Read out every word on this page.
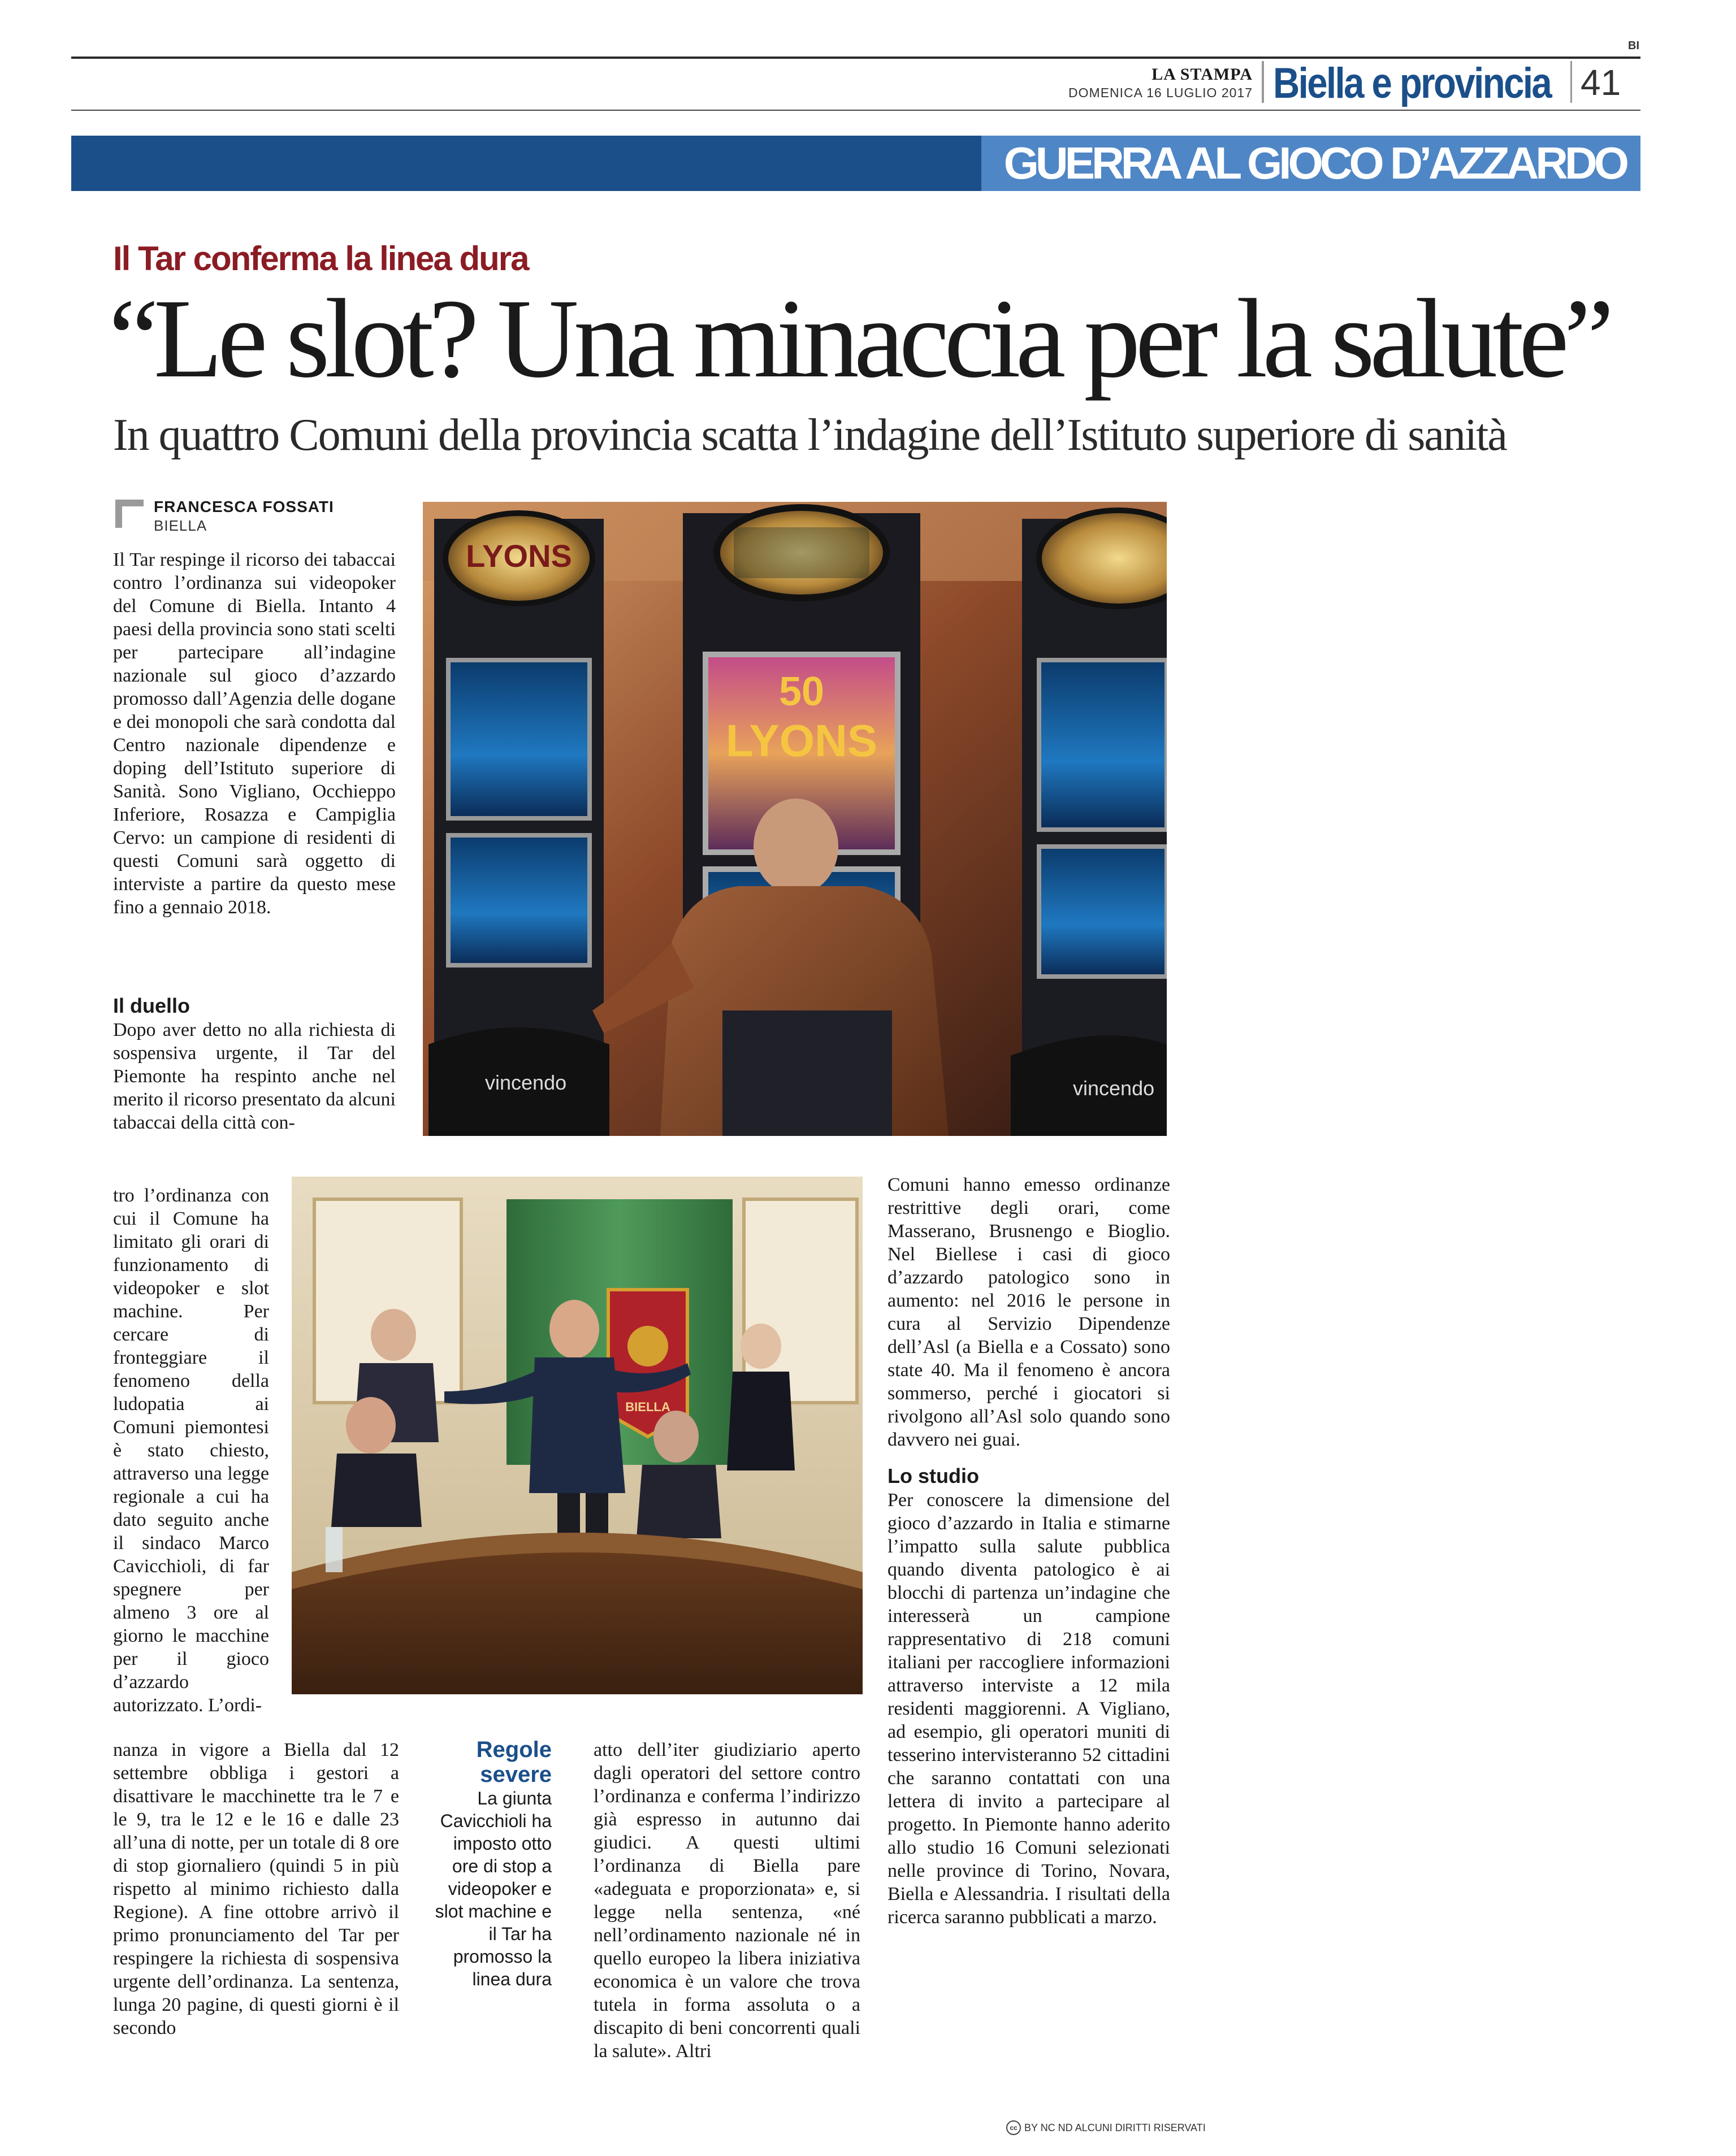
BI
LA STAMPA
DOMENICA 16 LUGLIO 2017 Biella e provincia 41
GUERRA AL GIOCO D’AZZARDO
Il Tar conferma la linea dura
“Le slot? Una minaccia per la salute”
In quattro Comuni della provincia scatta l’indagine dell’Istituto superiore di sanità
FRANCESCA FOSSATI
BIELLA

Il Tar respinge il ricorso dei tabaccai contro l’ordinanza sui videopoker del Comune di Biella. Intanto 4 paesi della provincia sono stati scelti per partecipare all’indagine nazionale sul gioco d’azzardo promosso dall’Agenzia delle dogane e dei monopoli che sarà condotta dal Centro nazionale dipendenze e doping dell’Istituto superiore di Sanità. Sono Vigliano, Occhieppo Inferiore, Rosazza e Campiglia Cervo: un campione di residenti di questi Comuni sarà oggetto di interviste a partire da questo mese fino a gennaio 2018.

Il duello

Dopo aver detto no alla richiesta di sospensiva urgente, il Tar del Piemonte ha respinto anche nel merito il ricorso presentato da alcuni tabaccai della città con-

tro l’ordinanza con cui il Comune ha limitato gli orari di funzionamento di videopoker e slot machine. Per cercare di fronteggiare il fenomeno della ludopatia ai Comuni piemontesi è stato chiesto, attraverso una legge regionale a cui ha dato seguito anche il sindaco Marco Cavicchioli, di far spegnere per almeno 3 ore al giorno le macchine per il gioco d’azzardo autorizzato. L’ordi-

nanza in vigore a Biella dal 12 settembre obbliga i gestori a disattivare le macchinette tra le 7 e le 9, tra le 12 e le 16 e dalle 23 all’una di notte, per un totale di 8 ore di stop giornaliero (quindi 5 in più rispetto al minimo richiesto dalla Regione). A fine ottobre arrivò il primo pronunciamento del Tar per respingere la richiesta di sospensiva urgente dell’ordinanza. La sentenza, lunga 20 pagine, di questi giorni è il secondo

Regole
severe
La giunta Cavicchioli ha imposto otto ore di stop a videopoker e slot machine e il Tar ha promosso la linea dura

atto dell’iter giudiziario aperto dagli operatori del settore contro l’ordinanza e conferma l’indirizzo già espresso in autunno dai giudici. A questi ultimi l’ordinanza di Biella pare «adeguata e proporzionata» e, si legge nella sentenza, «né nell’ordinamento nazionale né in quello europeo la libera iniziativa economica è un valore che trova tutela in forma assoluta o a discapito di beni concorrenti quali la salute». Altri

Comuni hanno emesso ordinanze restrittive degli orari, come Masserano, Brusnengo e Bioglio. Nel Biellese i casi di gioco d’azzardo patologico sono in aumento: nel 2016 le persone in cura al Servizio Dipendenze dell’Asl (a Biella e a Cossato) sono state 40. Ma il fenomeno è ancora sommerso, perché i giocatori si rivolgono all’Asl solo quando sono davvero nei guai.

Lo studio

Per conoscere la dimensione del gioco d’azzardo in Italia e stimarne l’impatto sulla salute pubblica quando diventa patologico è ai blocchi di partenza un’indagine che interesserà un campione rappresentativo di 218 comuni italiani per raccogliere informazioni attraverso interviste a 12 mila residenti maggiorenni. A Vigliano, ad esempio, gli operatori muniti di tesserino intervisteranno 52 cittadini che saranno contattati con una lettera di invito a partecipare al progetto. In Piemonte hanno aderito allo studio 16 Comuni selezionati nelle province di Torino, Novara, Biella e Alessandria. I risultati della ricerca saranno pubblicati a marzo.

cc BY NC ND ALCUNI DIRITTI RISERVATI
LYONS
vincendo
50
LYONS
vincendo
BIELLA
